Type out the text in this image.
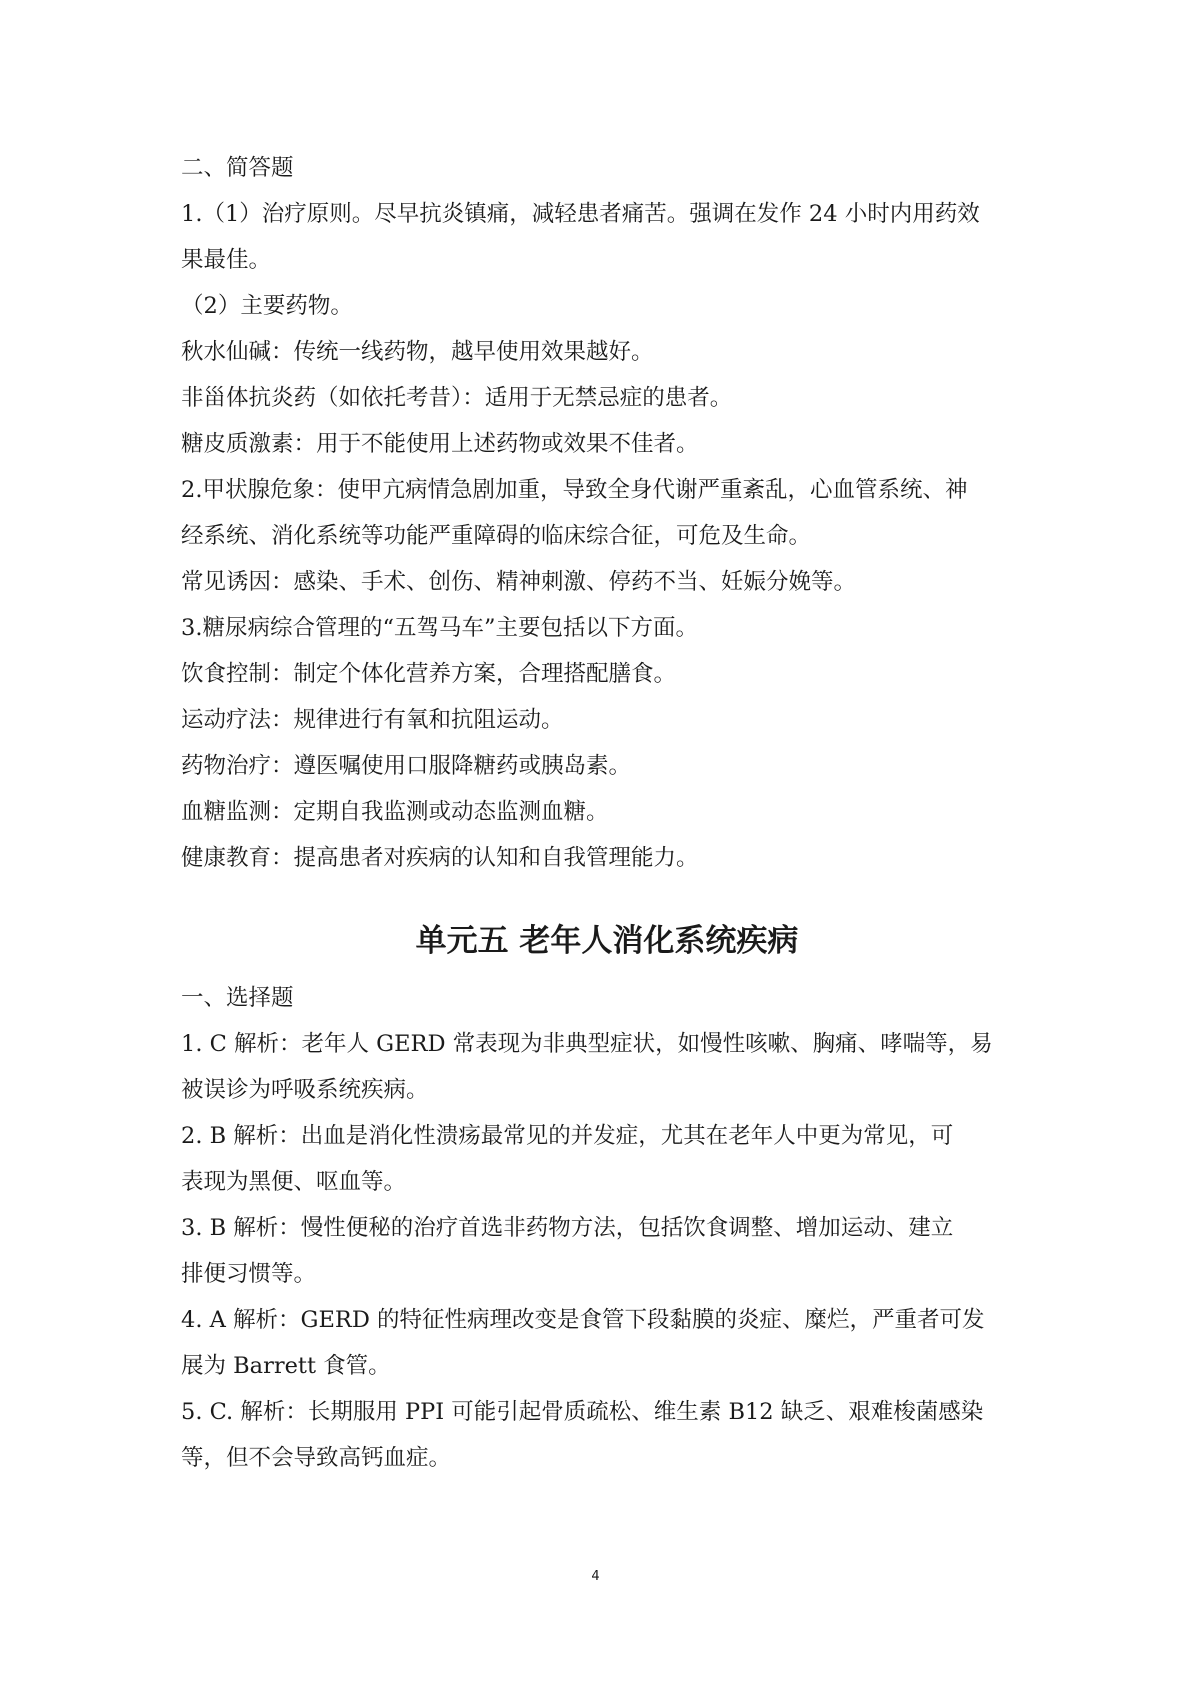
二、简答题
1.（1）治疗原则。尽早抗炎镇痛，减轻患者痛苦。强调在发作 24 小时内用药效
果最佳。
（2）主要药物。
秋水仙碱：传统一线药物，越早使用效果越好。
非甾体抗炎药（如依托考昔）：适用于无禁忌症的患者。
糖皮质激素：用于不能使用上述药物或效果不佳者。
2.甲状腺危象：使甲亢病情急剧加重，导致全身代谢严重紊乱，心血管系统、神
经系统、消化系统等功能严重障碍的临床综合征，可危及生命。
常见诱因：感染、手术、创伤、精神刺激、停药不当、妊娠分娩等。
3.糖尿病综合管理的“五驾马车”主要包括以下方面。
饮食控制：制定个体化营养方案，合理搭配膳食。
运动疗法：规律进行有氧和抗阻运动。
药物治疗：遵医嘱使用口服降糖药或胰岛素。
血糖监测：定期自我监测或动态监测血糖。
健康教育：提高患者对疾病的认知和自我管理能力。
单元五 老年人消化系统疾病
一、选择题
1. C 解析：老年人 GERD 常表现为非典型症状，如慢性咳嗽、胸痛、哮喘等，易
被误诊为呼吸系统疾病。
2. B 解析：出血是消化性溃疡最常见的并发症，尤其在老年人中更为常见，可
表现为黑便、呕血等。
3. B 解析：慢性便秘的治疗首选非药物方法，包括饮食调整、增加运动、建立
排便习惯等。
4. A 解析：GERD 的特征性病理改变是食管下段黏膜的炎症、糜烂，严重者可发
展为 Barrett 食管。
5. C. 解析：长期服用 PPI 可能引起骨质疏松、维生素 B12 缺乏、艰难梭菌感染
等，但不会导致高钙血症。
4
